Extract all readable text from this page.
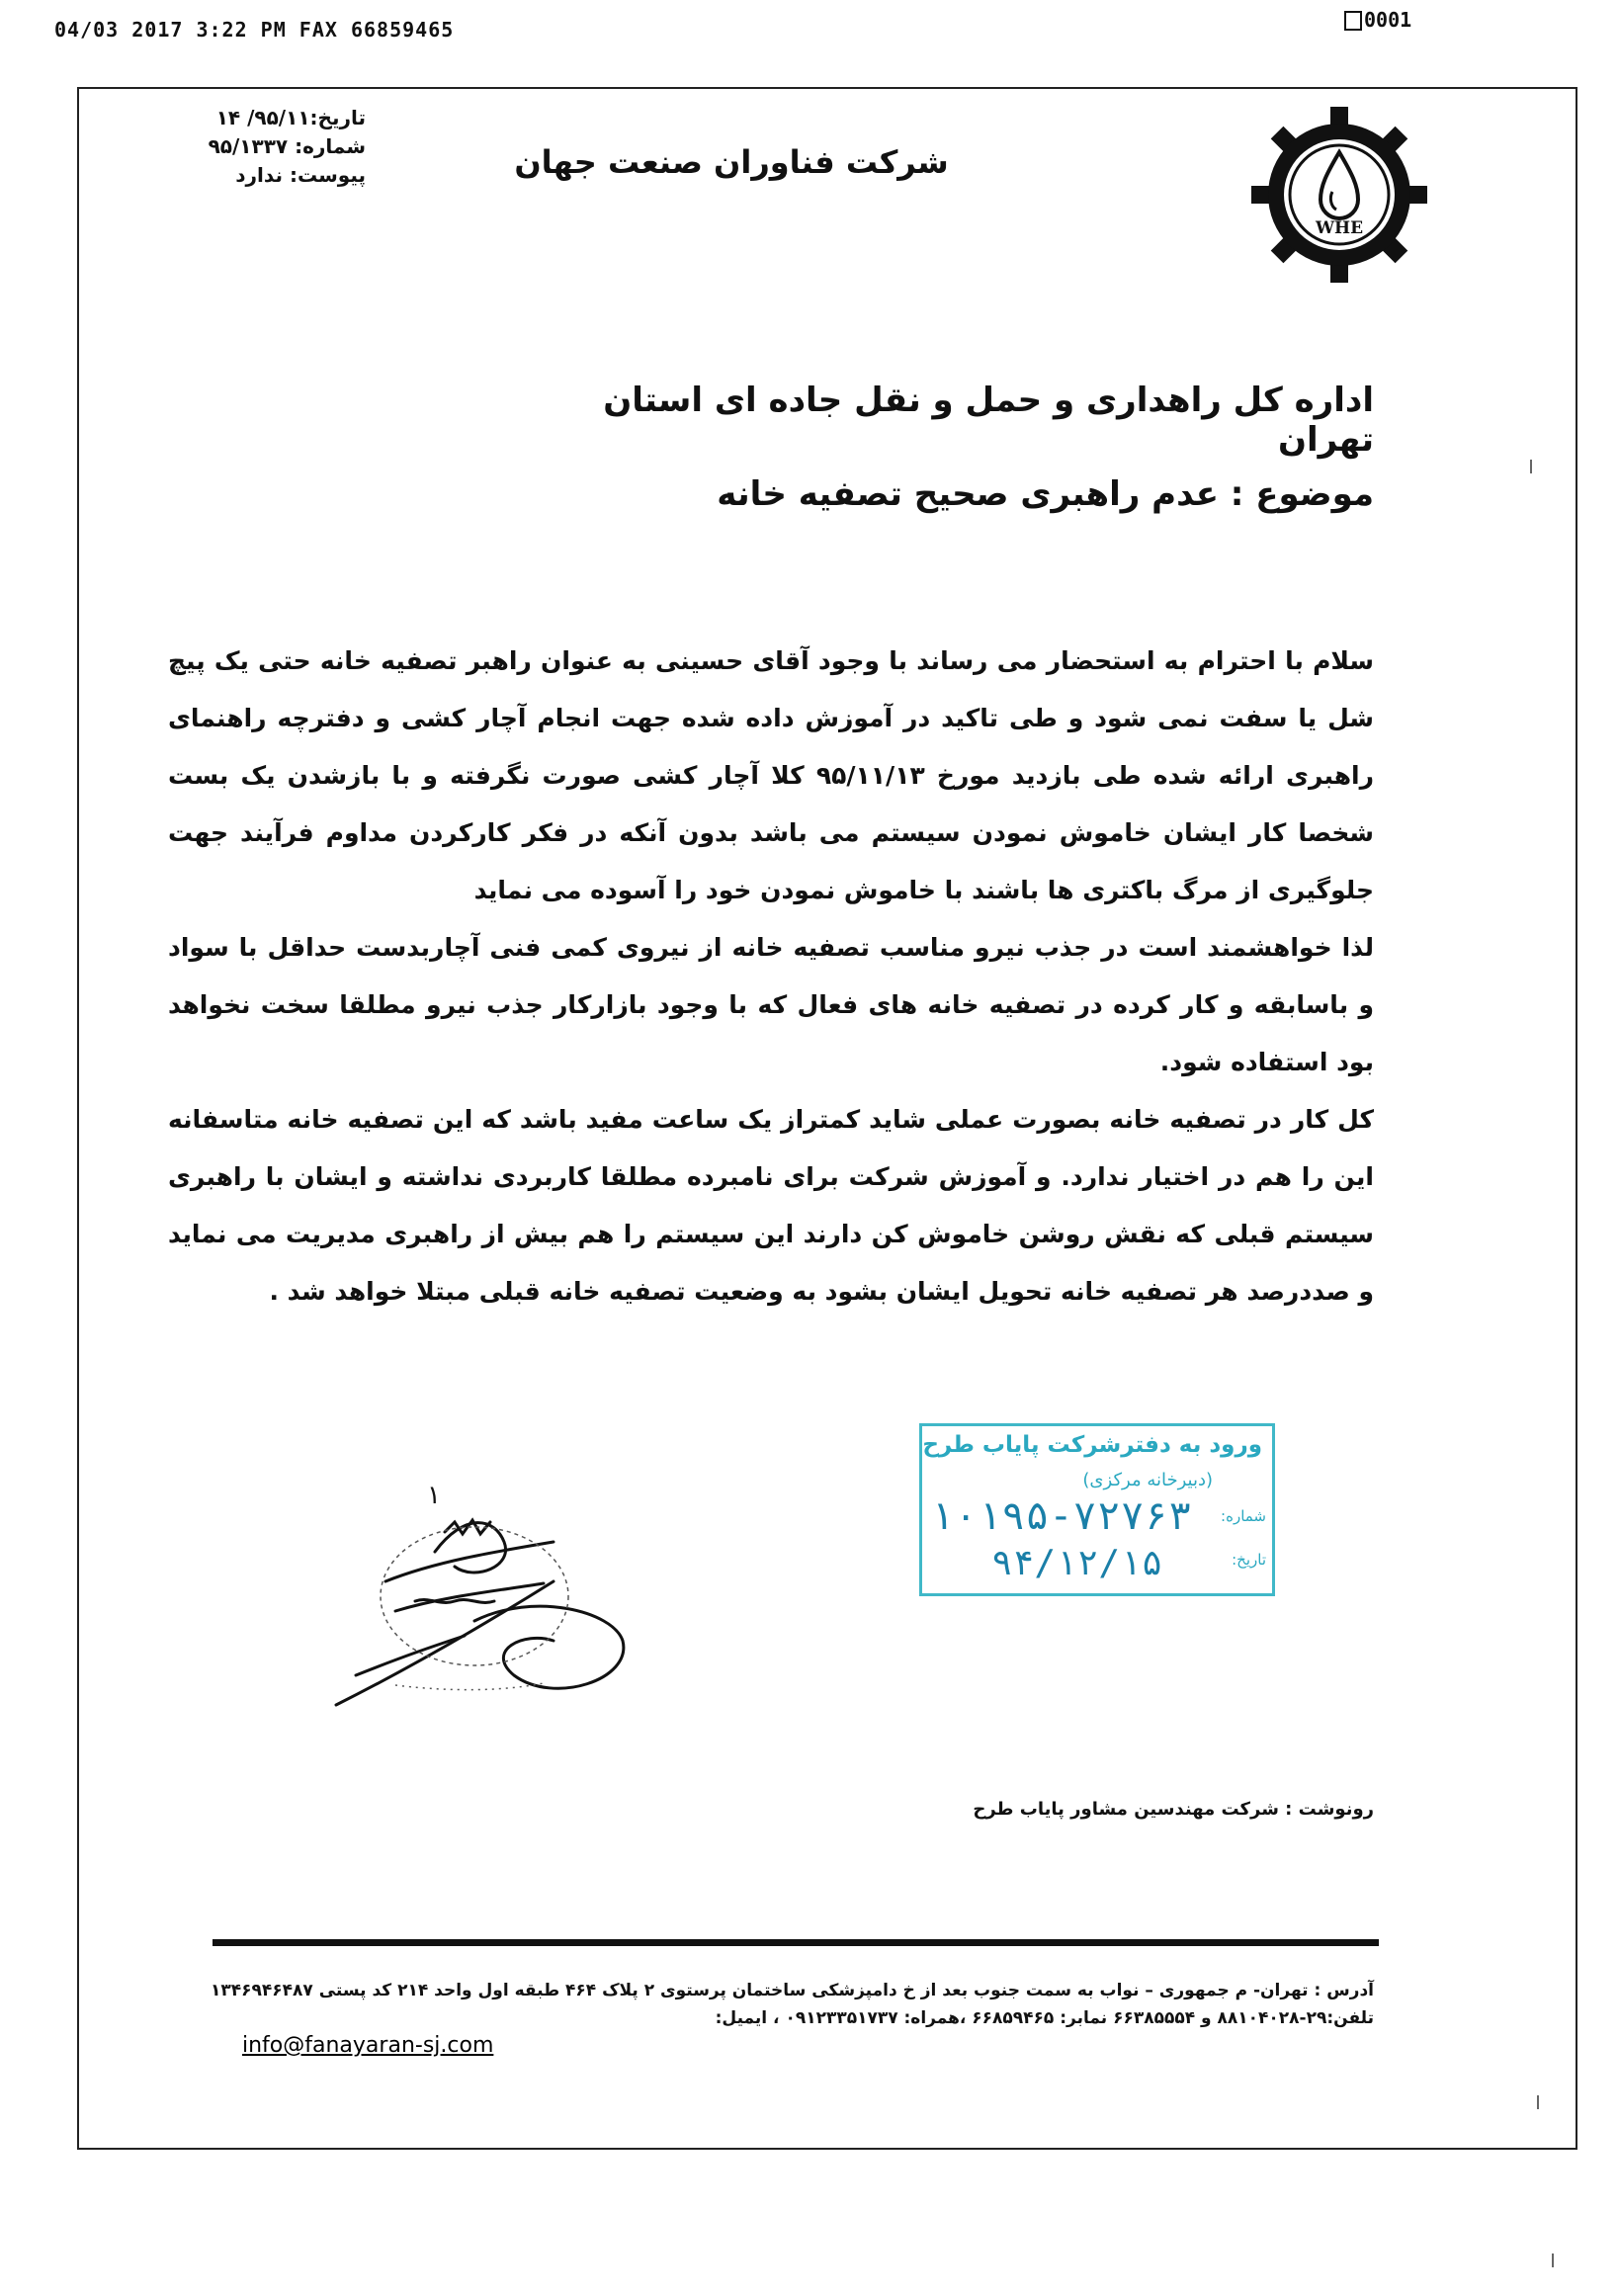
04/03 2017 3:22 PM FAX 66859465	0001
تاریخ:۹۵/۱۱/ ۱۴
شماره: ۹۵/۱۳۳۷
پیوست: ندارد	شرکت فناوران صنعت جهان
WHE
اداره کل راهداری و حمل و نقل جاده ای استان تهران
موضوع : عدم راهبری صحیح تصفیه خانه

سلام با احترام به استحضار می رساند با وجود آقای حسینی به عنوان راهبر تصفیه خانه حتی یک پیچ شل یا سفت نمی شود و طی تاکید در آموزش داده شده جهت انجام آچار کشی و دفترچه راهنمای راهبری ارائه شده طی بازدید مورخ ۹۵/۱۱/۱۳ کلا آچار کشی صورت نگرفته و با بازشدن یک بست شخصا کار ایشان خاموش نمودن سیستم می باشد بدون آنکه در فکر کارکردن مداوم فرآیند جهت جلوگیری از مرگ باکتری ها باشند با خاموش نمودن خود را آسوده می نماید

لذا خواهشمند است در جذب نیرو مناسب تصفیه خانه از نیروی کمی فنی آچاربدست حداقل با سواد و باسابقه و کار کرده در تصفیه خانه های فعال که با وجود بازارکار جذب نیرو مطلقا سخت نخواهد بود استفاده شود.

کل کار در تصفیه خانه بصورت عملی شاید کمتراز یک ساعت مفید باشد که این تصفیه خانه متاسفانه این را هم در اختیار ندارد. و آموزش شرکت برای نامبرده مطلقا کاربردی نداشته و ایشان با راهبری سیستم قبلی که نقش روشن خاموش کن دارند این سیستم را هم بیش از راهبری مدیریت می نماید و صددرصد هر تصفیه خانه تحویل ایشان بشود به وضعیت تصفیه خانه قبلی مبتلا خواهد شد .

ورود به دفترشرکت پایاب طرح
(دبیرخانه مرکزی)
شماره:
تاریخ:
۱۰۱۹۵-۷۲۷۶۳
۹۴/۱۲/۱۵
۱
رونوشت : شرکت مهندسین مشاور پایاب طرح

آدرس : تهران- م جمهوری – نواب به سمت جنوب بعد از خ دامپزشکی ساختمان پرستوی ۲ پلاک ۴۶۴ طبقه اول واحد ۲۱۴ کد پستی ۱۳۴۶۹۴۶۴۸۷

تلفن:۲۹-۸۸۱۰۴۰۲۸ و ۶۶۳۸۵۵۵۴ نمابر: ۶۶۸۵۹۴۶۵ ،همراه: ۰۹۱۲۳۳۵۱۷۳۷ ، ایمیل:

info@fanayaran-sj.com
